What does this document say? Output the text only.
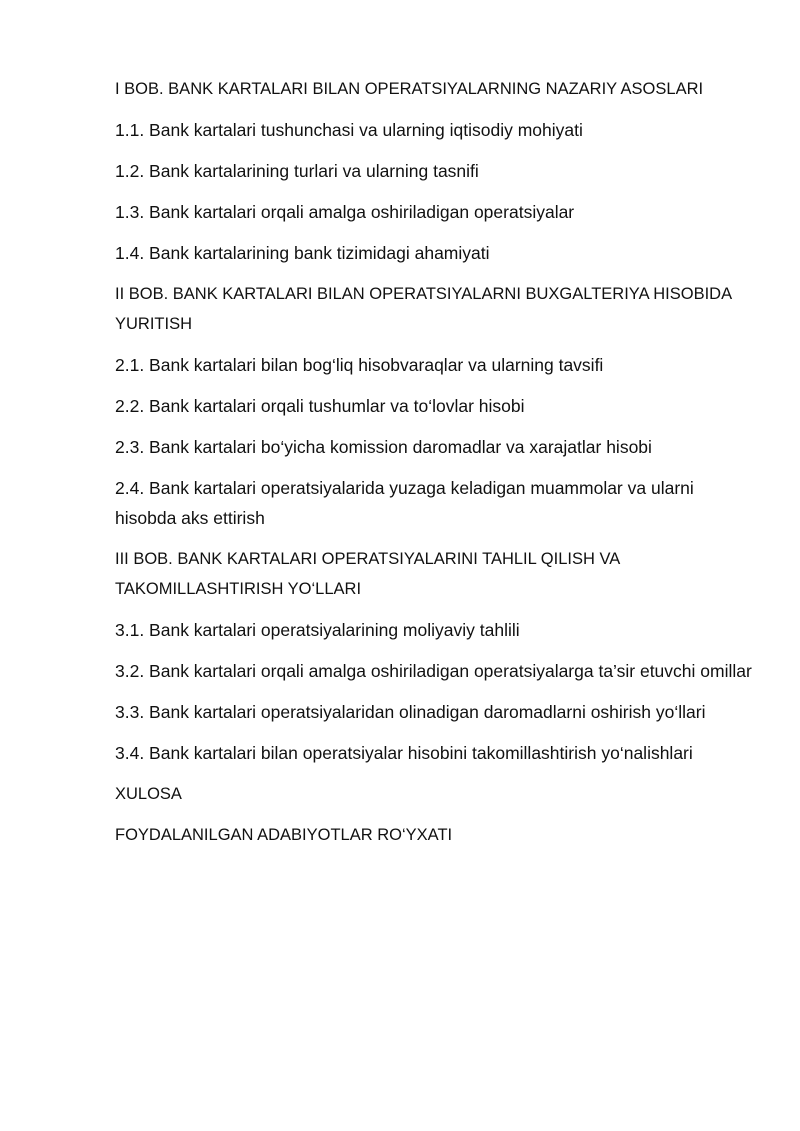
I BOB. BANK KARTALARI BILAN OPERATSIYALARNING NAZARIY ASOSLARI

1.1. Bank kartalari tushunchasi va ularning iqtisodiy mohiyati

1.2. Bank kartalarining turlari va ularning tasnifi

1.3. Bank kartalari orqali amalga oshiriladigan operatsiyalar

1.4. Bank kartalarining bank tizimidagi ahamiyati

II BOB. BANK KARTALARI BILAN OPERATSIYALARNI BUXGALTERIYA HISOBIDA YURITISH

2.1. Bank kartalari bilan bog‘liq hisobvaraqlar va ularning tavsifi

2.2. Bank kartalari orqali tushumlar va to‘lovlar hisobi

2.3. Bank kartalari bo‘yicha komission daromadlar va xarajatlar hisobi

2.4. Bank kartalari operatsiyalarida yuzaga keladigan muammolar va ularni hisobda aks ettirish

III BOB. BANK KARTALARI OPERATSIYALARINI TAHLIL QILISH VA TAKOMILLASHTIRISH YO‘LLARI

3.1. Bank kartalari operatsiyalarining moliyaviy tahlili

3.2. Bank kartalari orqali amalga oshiriladigan operatsiyalarga ta’sir etuvchi omillar

3.3. Bank kartalari operatsiyalaridan olinadigan daromadlarni oshirish yo‘llari

3.4. Bank kartalari bilan operatsiyalar hisobini takomillashtirish yo‘nalishlari

XULOSA

FOYDALANILGAN ADABIYOTLAR RO‘YXATI
